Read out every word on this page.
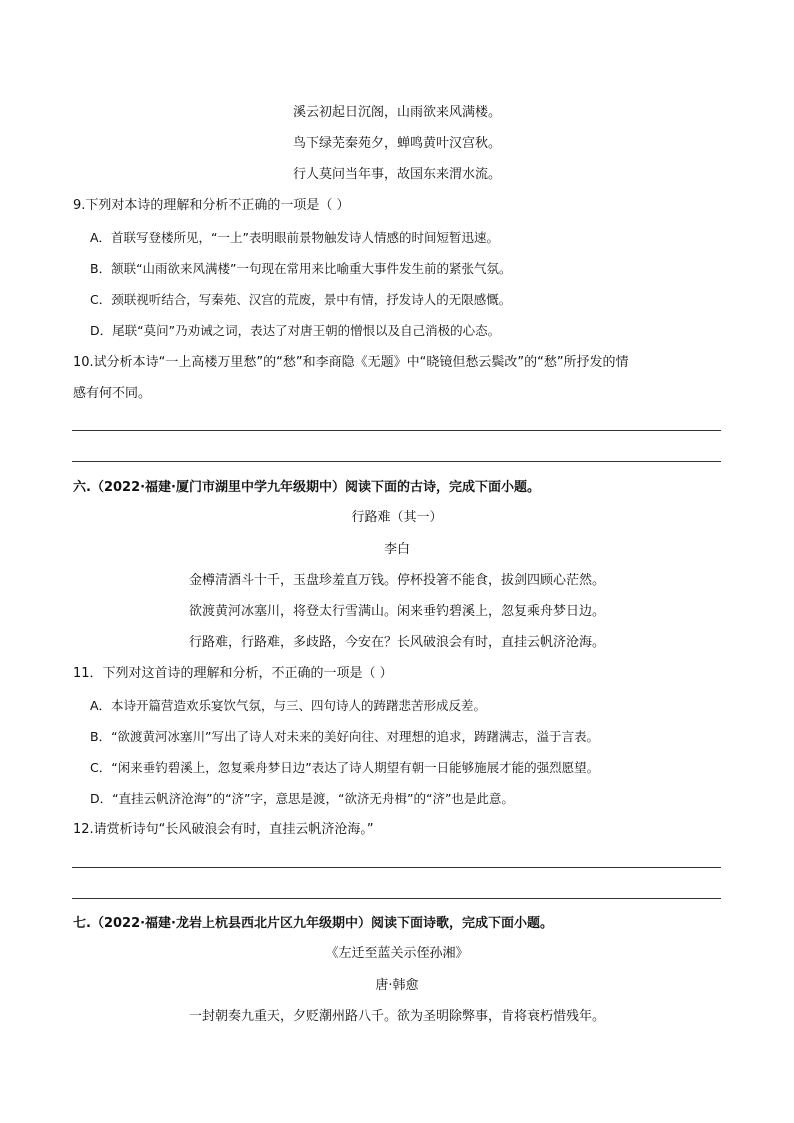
溪云初起日沉阁，山雨欲来风满楼。
鸟下绿芜秦苑夕，蝉鸣黄叶汉宫秋。
行人莫问当年事，故国东来渭水流。
9.下列对本诗的理解和分析不正确的一项是（ ）
A．首联写登楼所见，“一上”表明眼前景物触发诗人情感的时间短暂迅速。
B．颔联“山雨欲来风满楼”一句现在常用来比喻重大事件发生前的紧张气氛。
C．颈联视听结合，写秦苑、汉宫的荒废，景中有情，抒发诗人的无限感慨。
D．尾联“莫问”乃劝诫之词，表达了对唐王朝的憎恨以及自己消极的心态。
10.试分析本诗“一上高楼万里愁”的“愁”和李商隐《无题》中“晓镜但愁云鬓改”的“愁”所抒发的情
感有何不同。
六.（2022·福建·厦门市湖里中学九年级期中）阅读下面的古诗，完成下面小题。
行路难（其一）
李白
金樽清酒斗十千，玉盘珍羞直万钱。停杯投箸不能食，拔剑四顾心茫然。
欲渡黄河冰塞川，将登太行雪满山。闲来垂钓碧溪上，忽复乘舟梦日边。
行路难，行路难，多歧路，今安在？长风破浪会有时，直挂云帆济沧海。
11．下列对这首诗的理解和分析，不正确的一项是（ ）
A．本诗开篇营造欢乐宴饮气氛，与三、四句诗人的踌躇悲苦形成反差。
B．“欲渡黄河冰塞川”写出了诗人对未来的美好向往、对理想的追求，踌躇满志，溢于言表。
C．“闲来垂钓碧溪上，忽复乘舟梦日边”表达了诗人期望有朝一日能够施展才能的强烈愿望。
D．“直挂云帆济沧海”的“济”字，意思是渡，“欲济无舟楫”的“济”也是此意。
12.请赏析诗句“长风破浪会有时，直挂云帆济沧海。”
七.（2022·福建·龙岩上杭县西北片区九年级期中）阅读下面诗歌，完成下面小题。
《左迁至蓝关示侄孙湘》
唐·韩愈
一封朝奏九重天，夕贬潮州路八千。欲为圣明除弊事，肯将衰朽惜残年。
